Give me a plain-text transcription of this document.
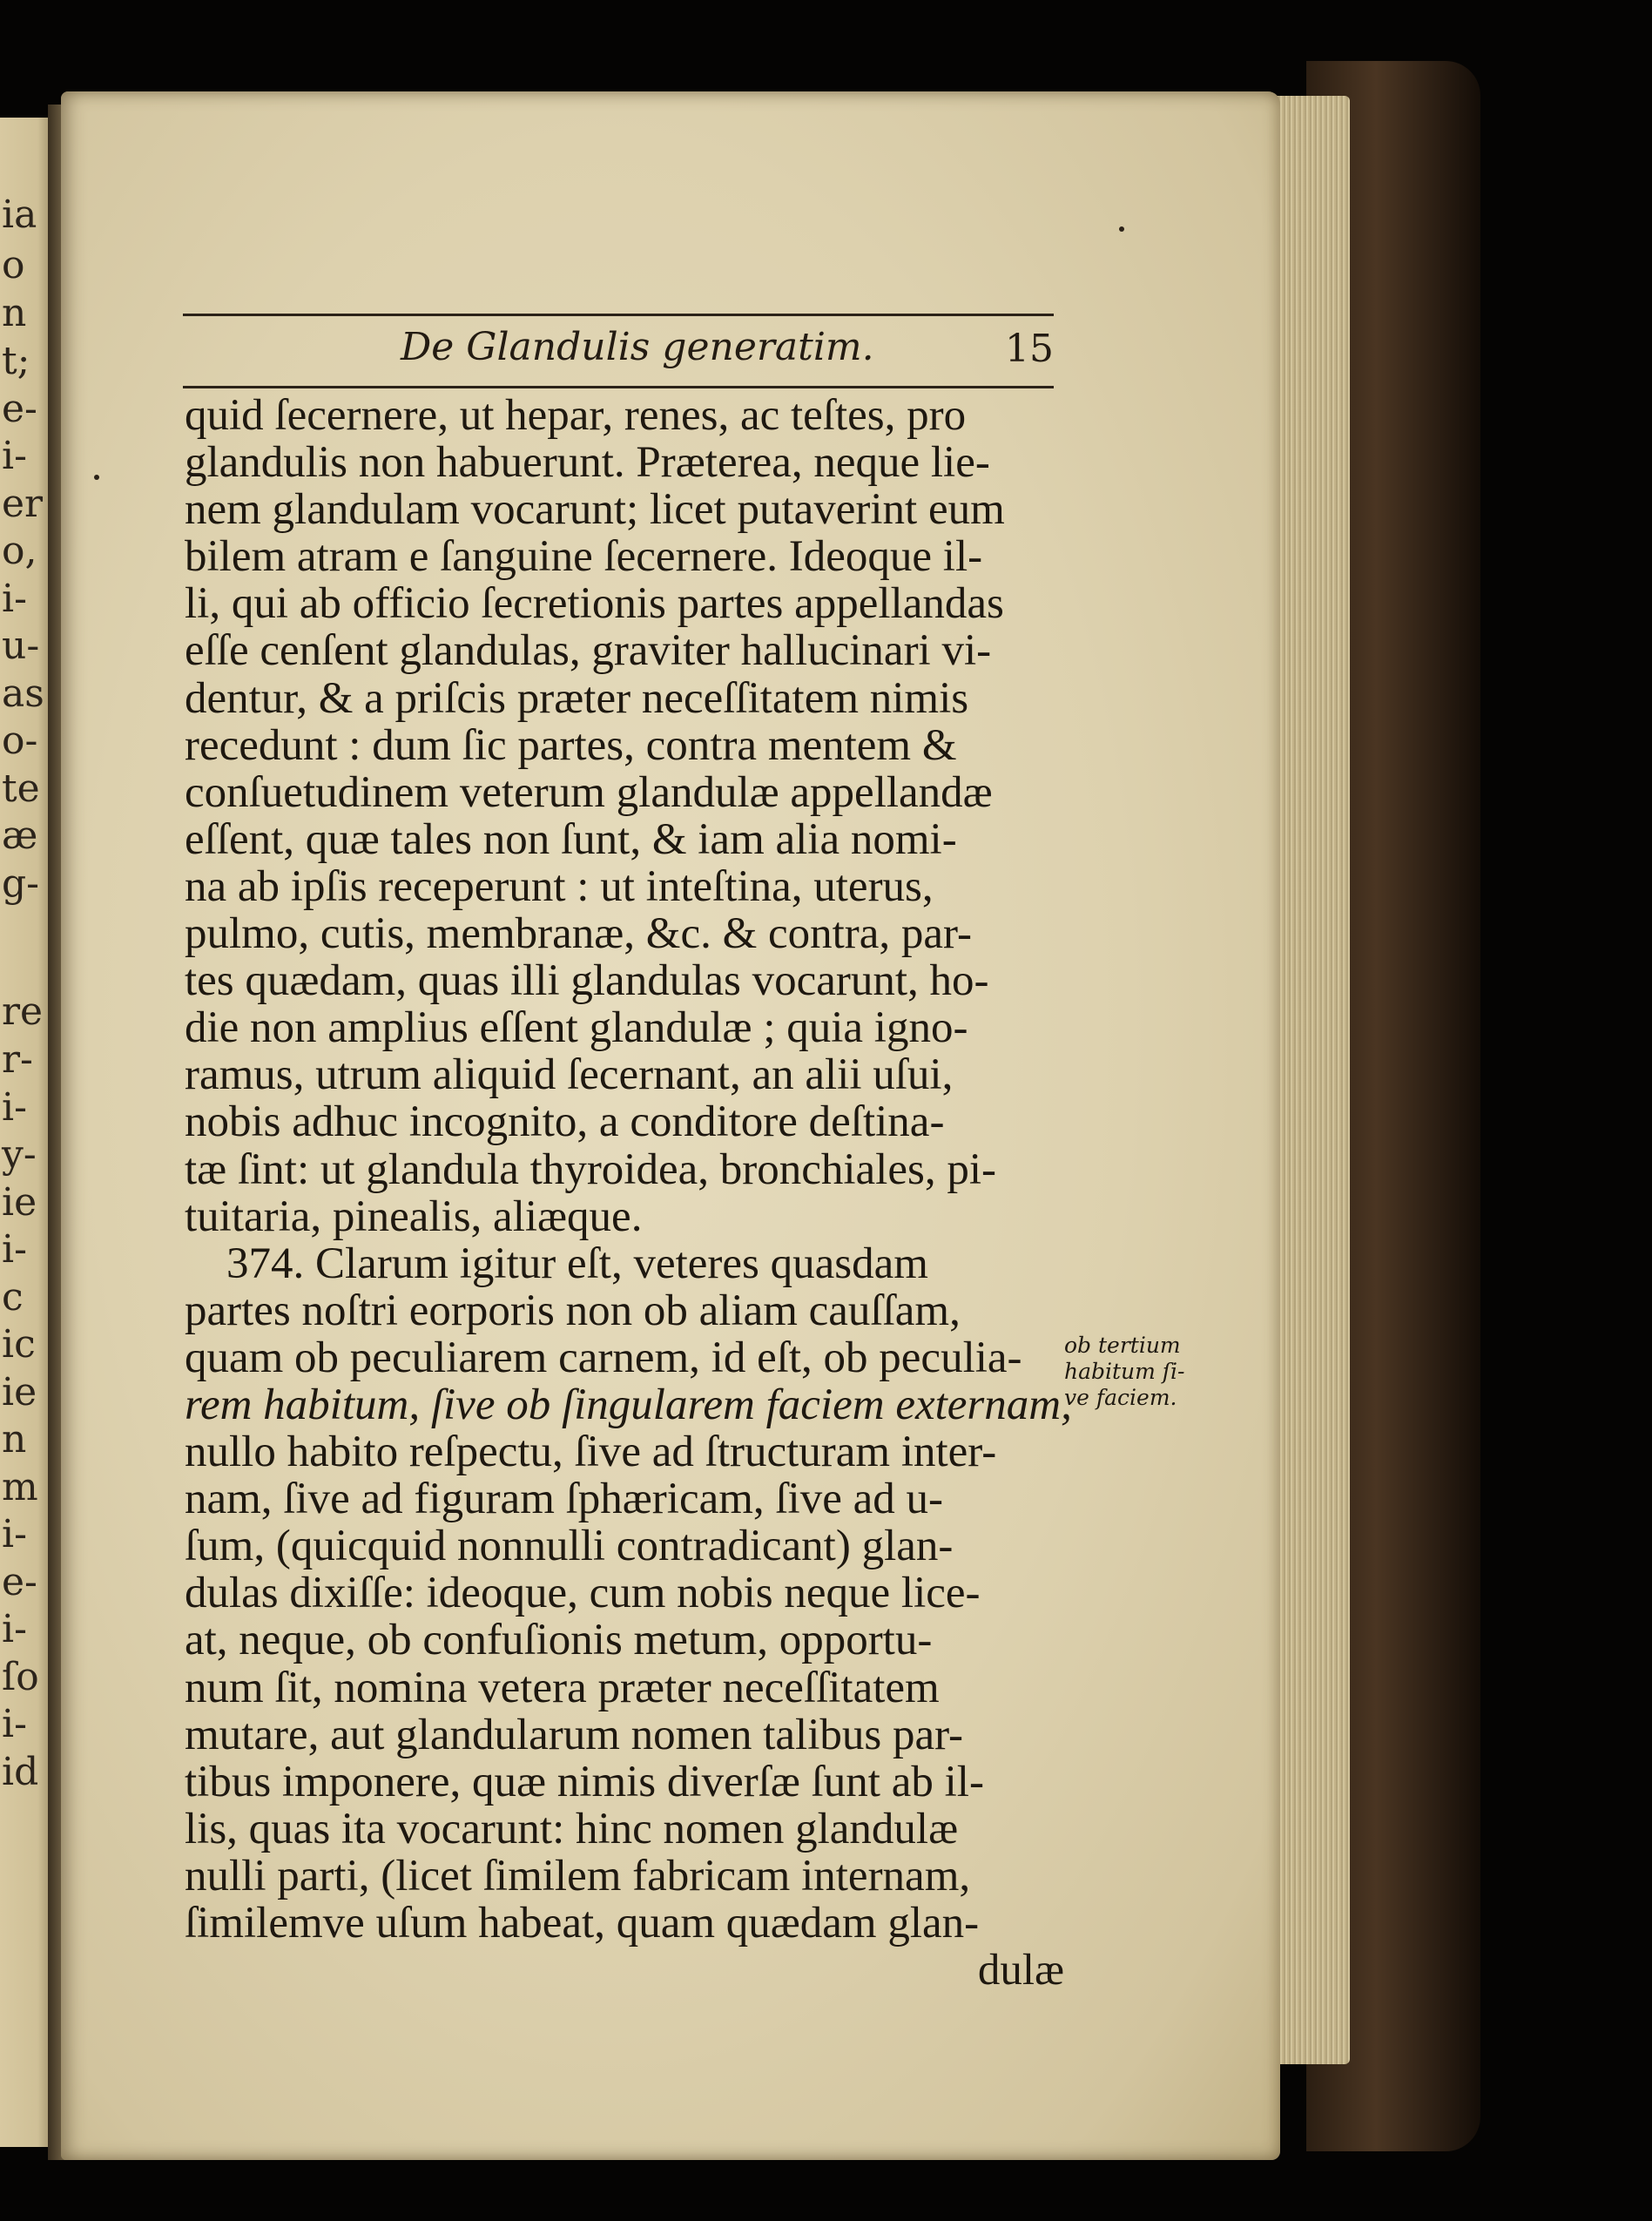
ia
o
n
t;
e-
i-
er
o,
i-
u-
as
o-
te
æ
g-
re
r-
i-
y-
ie
i-
c
ic
ie
n
m
i-
e-
i-
ſo
i-
id
De Glandulis generatim.	15
quid ſecernere, ut hepar, renes, ac teſtes, pro
glandulis non habuerunt. Præterea, neque lie-
nem glandulam vocarunt; licet putaverint eum
bilem atram e ſanguine ſecernere. Ideoque il-
li, qui ab officio ſecretionis partes appellandas
eſſe cenſent glandulas, graviter hallucinari vi-
dentur, & a priſcis præter neceſſitatem nimis
recedunt : dum ſic partes, contra mentem &
conſuetudinem veterum glandulæ appellandæ
eſſent, quæ tales non ſunt, & iam alia nomi-
na ab ipſis receperunt : ut inteſtina, uterus,
pulmo, cutis, membranæ, &c. & contra, par-
tes quædam, quas illi glandulas vocarunt, ho-
die non amplius eſſent glandulæ ; quia igno-
ramus, utrum aliquid ſecernant, an alii uſui,
nobis adhuc incognito, a conditore deſtina-
tæ ſint: ut glandula thyroidea, bronchiales, pi-
tuitaria, pinealis, aliæque.
374. Clarum igitur eſt, veteres quasdam
partes noſtri eorporis non ob aliam cauſſam,
quam ob peculiarem carnem, id eſt, ob peculia-
rem habitum, ſive ob ſingularem faciem externam,
nullo habito reſpectu, ſive ad ſtructuram inter-
nam, ſive ad figuram ſphæricam, ſive ad u-
ſum, (quicquid nonnulli contradicant) glan-
dulas dixiſſe: ideoque, cum nobis neque lice-
at, neque, ob confuſionis metum, opportu-
num ſit, nomina vetera præter neceſſitatem
mutare, aut glandularum nomen talibus par-
tibus imponere, quæ nimis diverſæ ſunt ab il-
lis, quas ita vocarunt: hinc nomen glandulæ
nulli parti, (licet ſimilem fabricam internam,
ſimilemve uſum habeat, quam quædam glan-
dulæ
ob tertium
habitum ſi-
ve faciem.
